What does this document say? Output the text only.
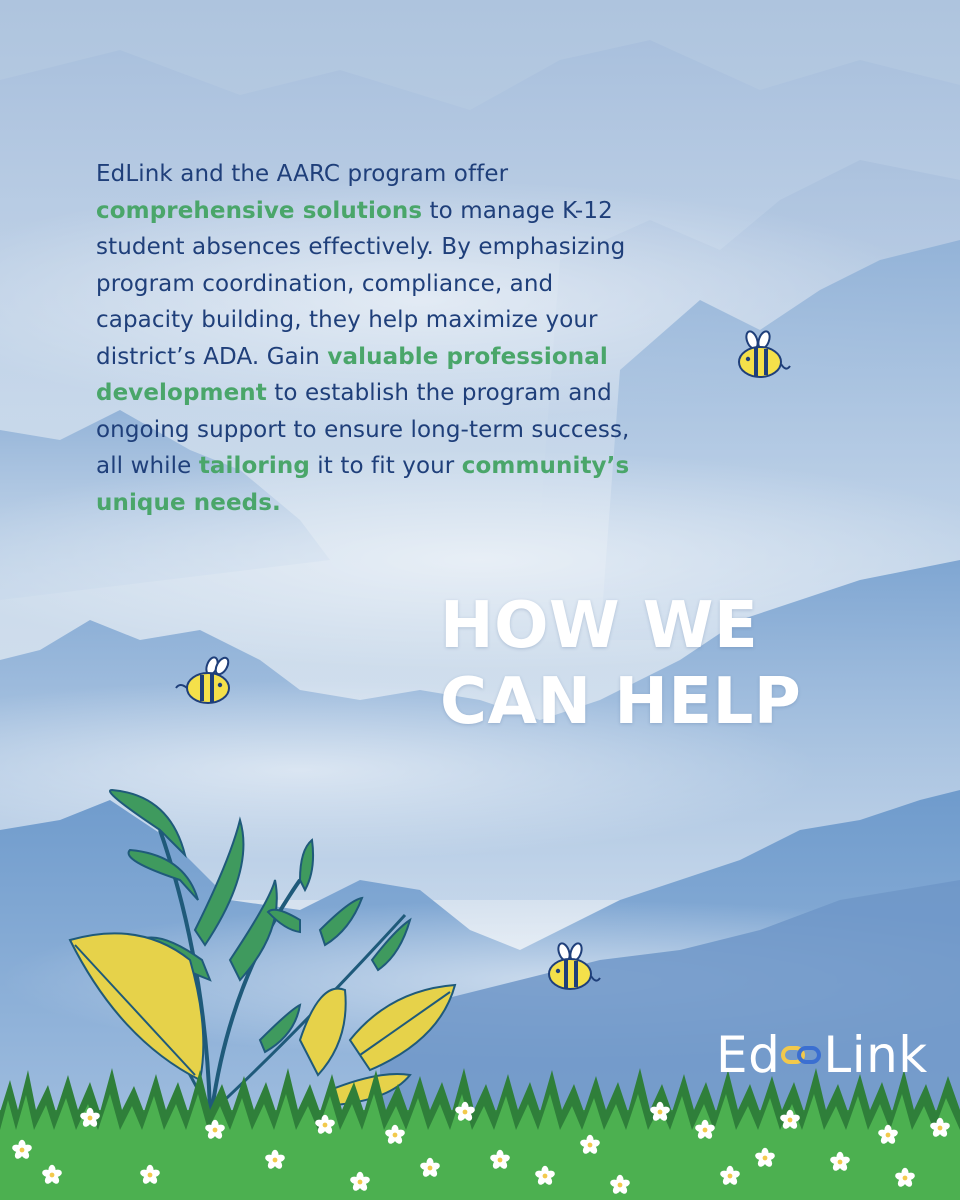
EdLink and the AARC program offer comprehensive solutions to manage K-12 student absences effectively. By emphasizing program coordination, compliance, and capacity building, they help maximize your district’s ADA. Gain valuable professional development to establish the program and ongoing support to ensure long-term success, all while tailoring it to fit your community’s unique needs.

HOW WE
CAN HELP
Ed Link
